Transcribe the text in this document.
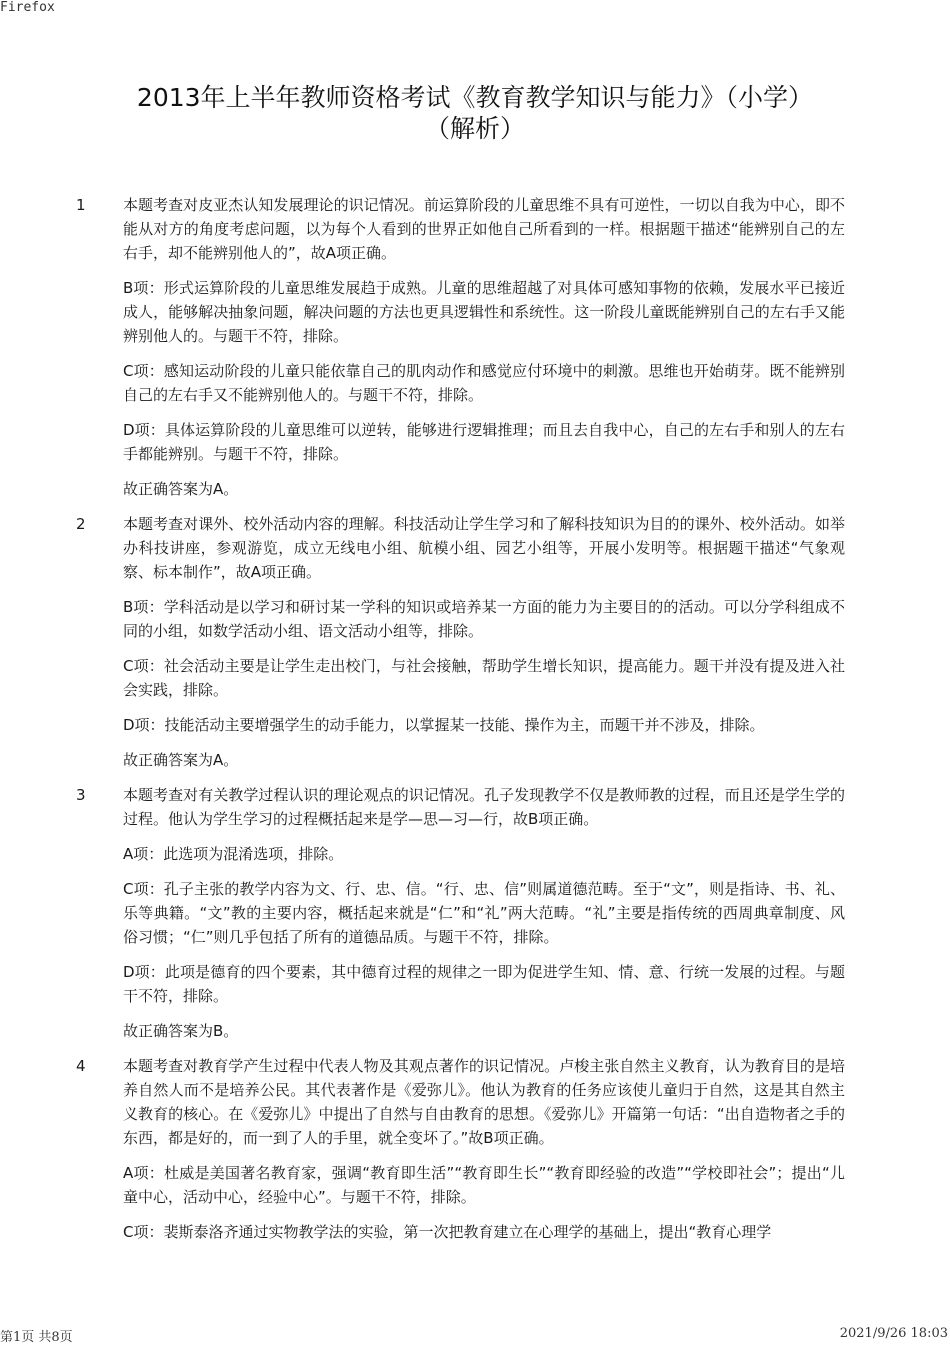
Firefox
2013年上半年教师资格考试《教育教学知识与能力》（小学）
（解析）
1 本题考查对皮亚杰认知发展理论的识记情况。前运算阶段的儿童思维不具有可逆性，一切以自我为中心，即不能从对方的角度考虑问题，以为每个人看到的世界正如他自己所看到的一样。根据题干描述“能辨别自己的左右手，却不能辨别他人的”，故A项正确。

B项：形式运算阶段的儿童思维发展趋于成熟。儿童的思维超越了对具体可感知事物的依赖，发展水平已接近成人，能够解决抽象问题，解决问题的方法也更具逻辑性和系统性。这一阶段儿童既能辨别自己的左右手又能辨别他人的。与题干不符，排除。

C项：感知运动阶段的儿童只能依靠自己的肌肉动作和感觉应付环境中的刺激。思维也开始萌芽。既不能辨别自己的左右手又不能辨别他人的。与题干不符，排除。

D项：具体运算阶段的儿童思维可以逆转，能够进行逻辑推理；而且去自我中心，自己的左右手和别人的左右手都能辨别。与题干不符，排除。

故正确答案为A。

2 本题考查对课外、校外活动内容的理解。科技活动让学生学习和了解科技知识为目的的课外、校外活动。如举办科技讲座，参观游览，成立无线电小组、航模小组、园艺小组等，开展小发明等。根据题干描述“气象观察、标本制作”，故A项正确。

B项：学科活动是以学习和研讨某一学科的知识或培养某一方面的能力为主要目的的活动。可以分学科组成不同的小组，如数学活动小组、语文活动小组等，排除。

C项：社会活动主要是让学生走出校门，与社会接触，帮助学生增长知识，提高能力。题干并没有提及进入社会实践，排除。

D项：技能活动主要增强学生的动手能力，以掌握某一技能、操作为主，而题干并不涉及，排除。

故正确答案为A。

3 本题考查对有关教学过程认识的理论观点的识记情况。孔子发现教学不仅是教师教的过程，而且还是学生学的过程。他认为学生学习的过程概括起来是学—思—习—行，故B项正确。

A项：此选项为混淆选项，排除。

C项：孔子主张的教学内容为文、行、忠、信。“行、忠、信”则属道德范畴。至于“文”，则是指诗、书、礼、乐等典籍。“文”教的主要内容，概括起来就是“仁”和“礼”两大范畴。“礼”主要是指传统的西周典章制度、风俗习惯；“仁”则几乎包括了所有的道德品质。与题干不符，排除。

D项：此项是德育的四个要素，其中德育过程的规律之一即为促进学生知、情、意、行统一发展的过程。与题干不符，排除。

故正确答案为B。

4 本题考查对教育学产生过程中代表人物及其观点著作的识记情况。卢梭主张自然主义教育，认为教育目的是培养自然人而不是培养公民。其代表著作是《爱弥儿》。他认为教育的任务应该使儿童归于自然，这是其自然主义教育的核心。在《爱弥儿》中提出了自然与自由教育的思想。《爱弥儿》开篇第一句话：“出自造物者之手的东西，都是好的，而一到了人的手里，就全变坏了。”故B项正确。

A项：杜威是美国著名教育家，强调“教育即生活”“教育即生长”“教育即经验的改造”“学校即社会”；提出“儿童中心，活动中心，经验中心”。与题干不符，排除。

C项：裴斯泰洛齐通过实物教学法的实验，第一次把教育建立在心理学的基础上，提出“教育心理学

第1页 共8页	2021/9/26 18:03
